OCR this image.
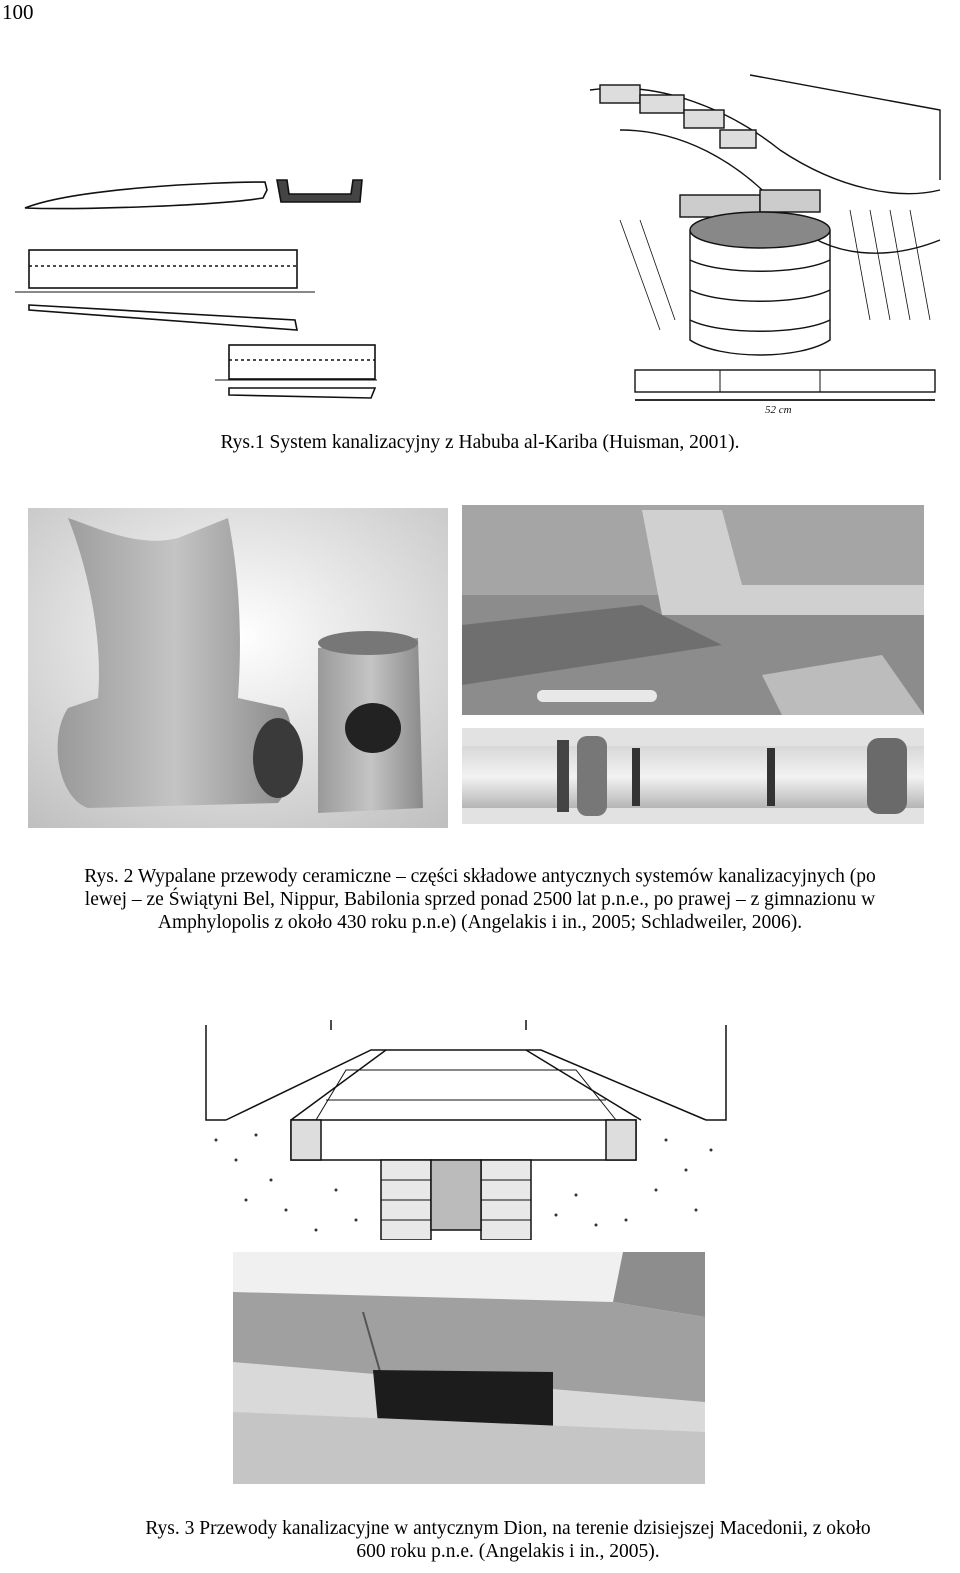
100
52 cm
Rys.1 System kanalizacyjny z Habuba al-Kariba (Huisman, 2001).
Rys. 2 Wypalane przewody ceramiczne – części składowe antycznych systemów kanalizacyjnych (po
lewej – ze Świątyni Bel, Nippur, Babilonia sprzed ponad 2500 lat p.n.e., po prawej – z gimnazionu w
Amphylopolis z około 430 roku p.n.e) (Angelakis i in., 2005; Schladweiler, 2006).
Rys. 3 Przewody kanalizacyjne w antycznym Dion, na terenie dzisiejszej Macedonii, z około
600 roku p.n.e. (Angelakis i in., 2005).
